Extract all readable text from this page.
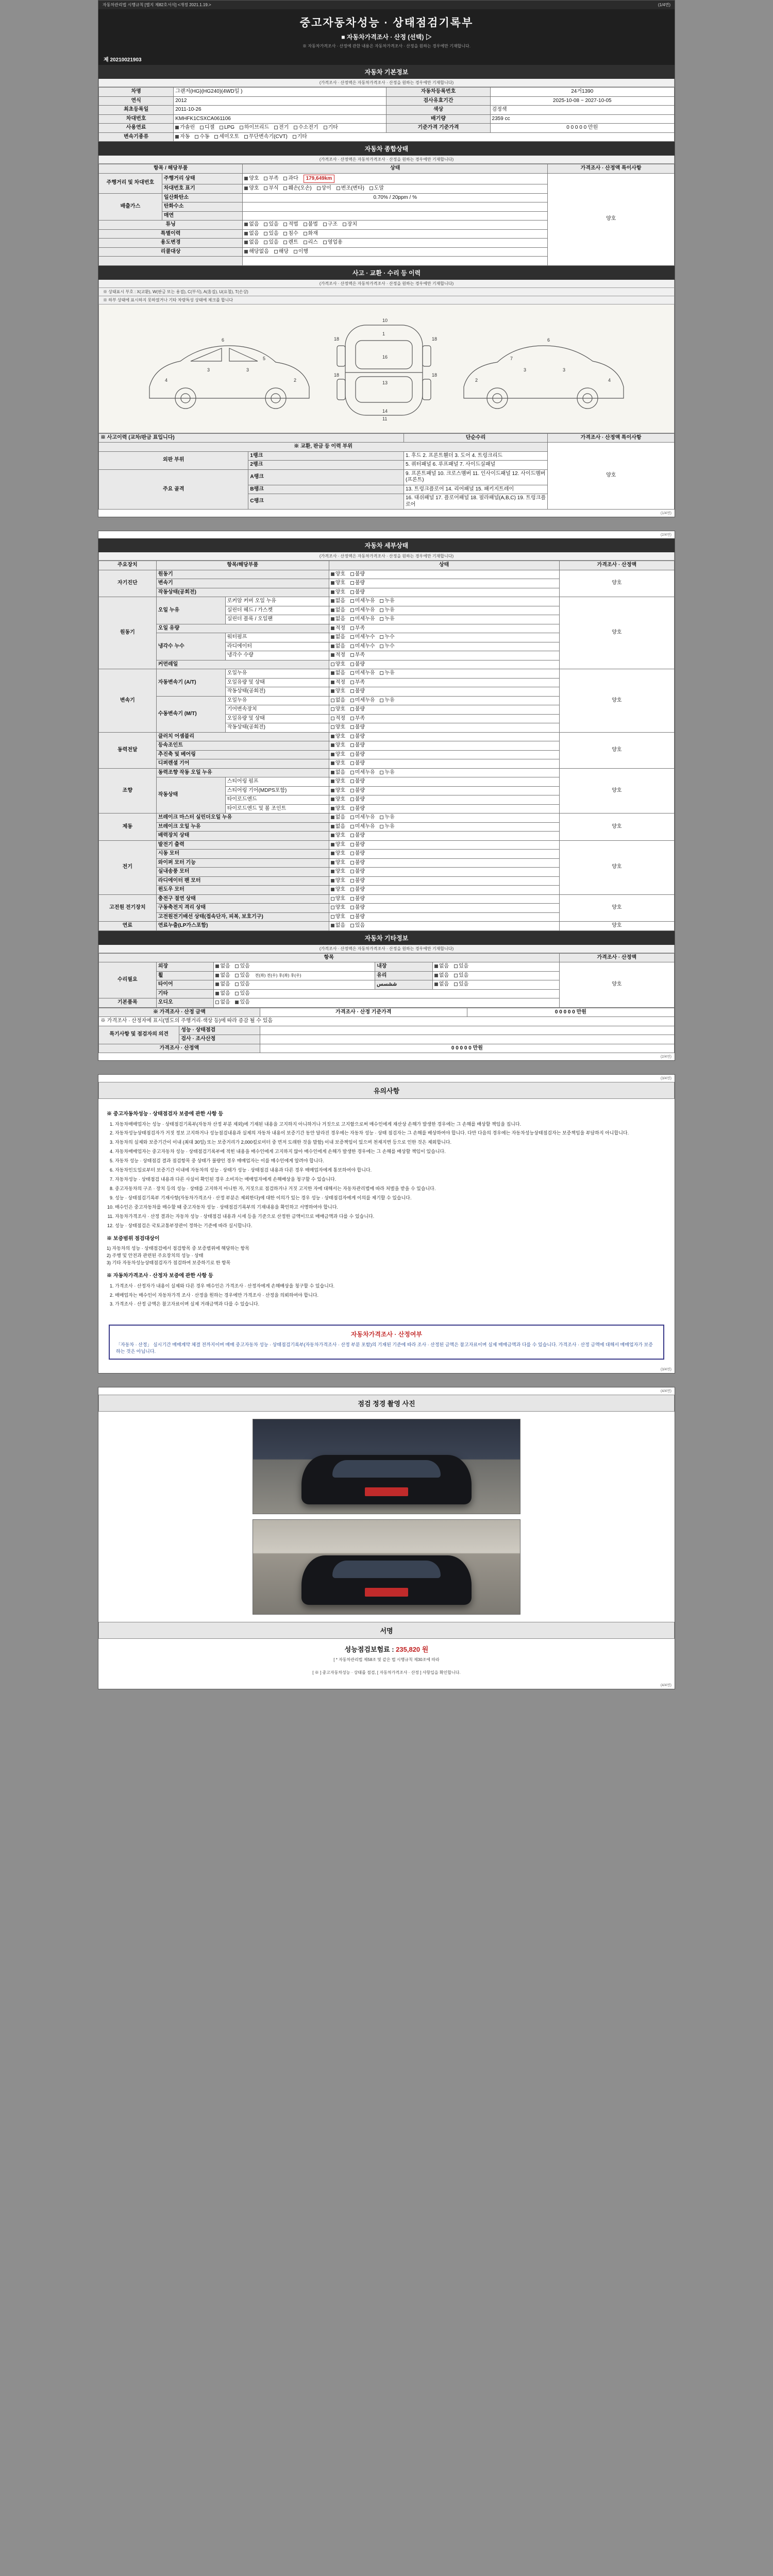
자동차관리법 시행규칙 [별지 제82호서식] <개정 2021.1.19.>	(1/4면)
중고자동차성능 · 상태점검기록부
■ 자동차가격조사 · 산정 (선택) ▷
※ 자동차가격조사 · 산정에 관한 내용은 자동차가격조사 · 산정을 원하는 경우에만 기재합니다.
제 20210021903
자동차 기본정보
(가격조사 · 산정액은 자동차가격조사 · 산정을 원하는 경우에만 기재합니다)
차명	그랜저(HG)(HG240)(4WD일 )	자동차등록번호	24거1390
연식	2012	검사유효기간	2025-10-08 ~ 2027-10-05
최초등록일	2011-10-26	색상	검정색
차대번호	KMHFK1CSXCA061106	배기량	2359 cc
사용연료	가솔린 디젤 LPG 하이브리드 전기 수소전기 기타	기준가격 기준가격	0 0 0 0 0 만원
변속기종류	자동 수동 세미오토 무단변속기(CVT) 기타		
자동차 종합상태
(가격조사 · 산정액은 자동차가격조사 · 산정을 원하는 경우에만 기재합니다)
항목 / 해당부품		상태	가격조사 · 산정액 특이사항
주행거리 및 차대번호	주행거리 상태	양호 부족 과다 179,649km	양호

	차대번호 표기	양호 부식 훼손(오손) 상이 변조(변타) 도말	
배출가스	일산화탄소	0.70% / 20ppm / %	
	탄화수소		
	매연		
튜닝		없음 있음 적법 불법 구조 장치	
특별이력		없음 있음 침수 화재	
용도변경		없음 있음 렌트 리스 영업용	
리콜대상		해당없음 해당 이행	

사고 · 교환 · 수리 등 이력
(가격조사 · 산정액은 자동차가격조사 · 산정을 원하는 경우에만 기재합니다)
※ 상태표시 부호 : X(교환), W(판금 또는 용접), C(부식), A(흠집), U(요철), T(손상)
※ 하부 상태에 표시하지 못하였거나 기타 차량특성 상태에 체크를 합니다
3	3
4	2
6
5
10
1
16
13
14
18	18
18	18
3
3
4
2
6
7
11
※ 사고이력 (교차/판금 표입니다)		단순수리	가격조사 · 산정액 특이사항
※ 교환, 판금 등 이력 부위			양호
외판 부위	1랭크	1. 후드 2. 프론트휀더 3. 도어 4. 트렁크리드	
	2랭크	5. 쿼터패널 6. 루프패널 7. 사이드실패널	
주요 골격	A랭크	9. 프론트패널 10. 크로스멤버 11. 인사이드패널 12. 사이드멤버(프론트)	
	B랭크	13. 트렁크플로어 14. 리어패널 15. 패키지트레이	
	C랭크	16. 대쉬패널 17. 플로어패널 18. 필라패널(A,B,C) 19. 트렁크플로어	
(1/4면)
(2/4면)
자동차 세부상태
(가격조사 · 산정액은 자동차가격조사 · 산정을 원하는 경우에만 기재합니다)
주요장치	항목/해당부품		상태	가격조사 · 산정액
자기진단	원동기		양호 불량	양호
	변속기		양호 불량	
	작동상태(공회전)		양호 불량	
원동기	오일 누유	로커암 커버 오일 누유	없음 미세누유 누유	양호
		실린더 헤드 / 가스켓	없음 미세누유 누유	
		실린더 블록 / 오일팬	없음 미세누유 누유	
	오일 유량		적정 부족	
	냉각수 누수	워터펌프	없음 미세누수 누수	
		라디에이터	없음 미세누수 누수	
		냉각수 수량	적정 부족	
	커먼레일		양호 불량	
변속기	자동변속기 (A/T)	오일누유	없음 미세누유 누유	양호
		오일유량 및 상태	적정 부족	
		작동상태(공회전)	양호 불량	
	수동변속기 (M/T)	오일누유	없음 미세누유 누유	
		기어변속장치	양호 불량	
		오일유량 및 상태	적정 부족	
		작동상태(공회전)	양호 불량	
동력전달	클러치 어셈블리		양호 불량	양호
	등속조인트		양호 불량	
	추진축 및 베어링		양호 불량	
	디퍼렌셜 기어		양호 불량	
조향	동력조향 작동 오일 누유		없음 미세누유 누유	양호
	작동상태	스티어링 펌프	양호 불량	
		스티어링 기어(MDPS포함)	양호 불량	
		타이로드엔드	양호 불량	
		타이로드엔드 및 볼 조인트	양호 불량	
제동	브레이크 마스터 실린더오일 누유		없음 미세누유 누유	양호
	브레이크 오일 누유		없음 미세누유 누유	
	배력장치 상태		양호 불량	
전기	발전기 출력		양호 불량	양호
	시동 모터		양호 불량	
	와이퍼 모터 기능		양호 불량	
	실내송풍 모터		양호 불량	
	라디에이터 팬 모터		양호 불량	
	윈도우 모터		양호 불량	
고전원 전기장치	충전구 절연 상태		양호 불량	양호
	구동축전지 격리 상태		양호 불량	
	고전원전기배선 상태(접속단자, 피복, 보호기구)		양호 불량	
연료	연료누출(LP가스포함)		없음 있음	양호
자동차 기타정보
(가격조사 · 산정액은 자동차가격조사 · 산정을 원하는 경우에만 기재합니다)
항목					가격조사 · 산정액
수리필요	외장	없음 있음	내장	없음 있음	양호
	휠	없음 있음 전(좌) 전(우) 후(좌) 후(우)	유리	없음 있음	
	타이어	없음 있음	ششسس	없음 있음	
	기타	없음 있음			
기본품목	오디오	없음 있음			
※ 가격조사 · 산정 금액		가격조사 · 산정 기준가격	0 0 0 0 0 만원
※ 가격조사 · 산정자에 표시(별도의 주행거리·색상 등)에 따라 증감 될 수 있음			
특기사항 및 점검자의 의견	성능 · 상태점검		
	검사 · 조사산정		
가격조사 · 산정액		0 0 0 0 0 만원	
(2/4면)
(3/4면)
유의사항
※ 중고자동차성능 · 상태점검자 보증에 관한 사항 등
1. 자동차매매업자는 성능 · 상태점검기록부(자동차 산정 부분 제외)에 기재된 내용을 고지하지 아니하거나 거짓으로 고지함으로써 매수인에게 재산상 손해가 발생한 경우에는 그 손해를 배상할 책임을 집니다.
2. 자동차성능상태점검자가 거짓 정보 고지하거나 성능점검내용과 실제의 자동차 내용이 보증기간 동안 달라진 경우에는 자동차 성능 · 상태 점검자는 그 손해를 배상하여야 합니다. 다만 다음의 경우에는 자동차성능상태점검자는 보증책임을 부담하지 아니합니다.
3. 자동차의 실제와 보증기간이 이내 (최대 30일) 또는 보증거리가 2,000킬로미터 중 먼저 도래한 것을 말함) 이내 보증책임이 있으며 천재지변 등으로 인한 것은 제외합니다.
4. 자동차매매업자는 중고자동차 성능 · 상태점검기록부에 적힌 내용을 매수인에게 고지하지 않아 매수인에게 손해가 발생한 경우에는 그 손해를 배상할 책임이 있습니다.
5. 자동차 성능 · 상태점검 결과 점검항목 중 상태가 불량인 경우 매매업자는 이를 매수인에게 알려야 합니다.
6. 자동차인도일로부터 보증기간 이내에 자동차의 성능 · 상태가 성능 · 상태점검 내용과 다른 경우 매매업자에게 통보하여야 합니다.
7. 자동차성능 · 상태점검 내용과 다른 사실이 확인된 경우 소비자는 매매업자에게 손해배상을 청구할 수 있습니다.
8. 중고자동차의 구조 · 장치 등의 성능 · 상태를 고지하지 아니한 자, 거짓으로 점검하거나 거짓 고지한 자에 대해서는 자동차관리법에 따라 처벌을 받을 수 있습니다.
9. 성능 · 상태점검기록부 기재사항(자동차가격조사 · 산정 부분은 제외한다)에 대한 이의가 있는 경우 성능 · 상태점검자에게 이의를 제기할 수 있습니다.
10. 매수인은 중고자동차를 매수할 때 중고자동차 성능 · 상태점검기록부의 기재내용을 확인하고 서명하여야 합니다.
11. 자동차가격조사 · 산정 결과는 자동차 성능 · 상태점검 내용과 시세 등을 기준으로 산정한 금액이므로 매매금액과 다를 수 있습니다.
12. 성능 · 상태점검은 국토교통부장관이 정하는 기준에 따라 실시합니다.
※ 보증범위 점검대상이
1) 자동차의 성능 · 상태점검에서 점검항목 중 보증범위에 해당하는 항목
2) 주행 및 안전과 관련된 주요장치의 성능 · 상태
3) 기타 자동차성능상태점검자가 점검하여 보증하기로 한 항목
※ 자동차가격조사 · 산정자 보증에 관한 사항 등
1. 가격조사 · 산정자가 내용이 실제와 다른 경우 매수인은 가격조사 · 산정자에게 손해배상을 청구할 수 있습니다.
2. 매매업자는 매수인이 자동차가격 조사 · 산정을 원하는 경우에만 가격조사 · 산정을 의뢰하여야 합니다.
3. 가격조사 · 산정 금액은 참고자료이며 실제 거래금액과 다를 수 있습니다.
자동차가격조사 · 산정여부
「자동차 · 산정」 실시기간 매매계약 체결 전까지이며 매매 중고자동차 성능 · 상태점검기록부(자동차가격조사 · 산정 부분 포함)의 기재된 기준에 따라 조사 · 산정된 금액은 참고자료이며 실제 매매금액과 다를 수 있습니다. 가격조사 · 산정 금액에 대해서 매매업자가 보증하는 것은 아닙니다.
(3/4면)
(4/4면)
점검 정경 촬영 사진
서명
성능점검보험료 : 235,820 원
[ * 자동차관리법 제58조 및 같은 법 시행규칙 제30조에 따라
[ ※ ] 중고자동차성능 · 상태를 점검, [ 자동차가격조사 · 산정 ] 사항입을 확인합니다.
(4/4면)
